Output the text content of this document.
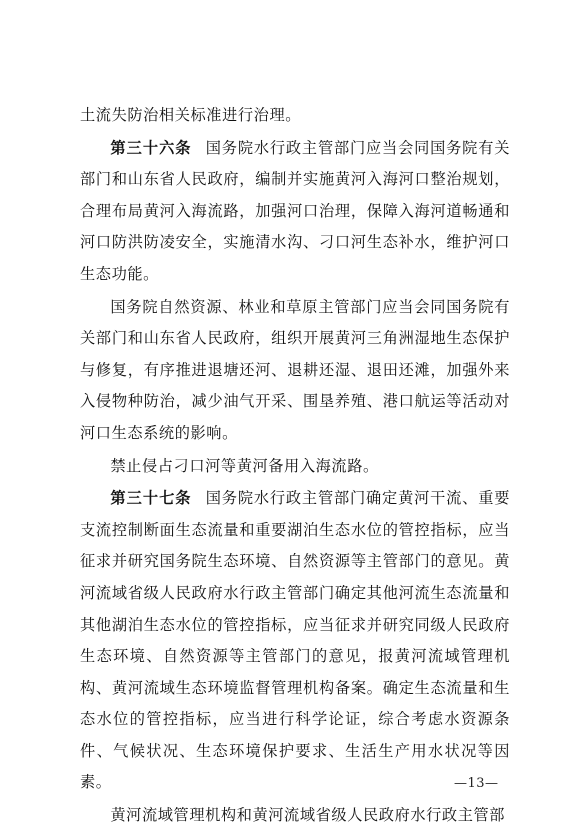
土流失防治相关标准进行治理。

第三十六条 国务院水行政主管部门应当会同国务院有关部门和山东省人民政府，编制并实施黄河入海河口整治规划，合理布局黄河入海流路，加强河口治理，保障入海河道畅通和河口防洪防凌安全，实施清水沟、刁口河生态补水，维护河口生态功能。

国务院自然资源、林业和草原主管部门应当会同国务院有关部门和山东省人民政府，组织开展黄河三角洲湿地生态保护与修复，有序推进退塘还河、退耕还湿、退田还滩，加强外来入侵物种防治，减少油气开采、围垦养殖、港口航运等活动对河口生态系统的影响。

禁止侵占刁口河等黄河备用入海流路。

第三十七条 国务院水行政主管部门确定黄河干流、重要支流控制断面生态流量和重要湖泊生态水位的管控指标，应当征求并研究国务院生态环境、自然资源等主管部门的意见。黄河流域省级人民政府水行政主管部门确定其他河流生态流量和其他湖泊生态水位的管控指标，应当征求并研究同级人民政府生态环境、自然资源等主管部门的意见，报黄河流域管理机构、黄河流域生态环境监督管理机构备案。确定生态流量和生态水位的管控指标，应当进行科学论证，综合考虑水资源条件、气候状况、生态环境保护要求、生活生产用水状况等因素。

黄河流域管理机构和黄河流域省级人民政府水行政主管部

—13—
